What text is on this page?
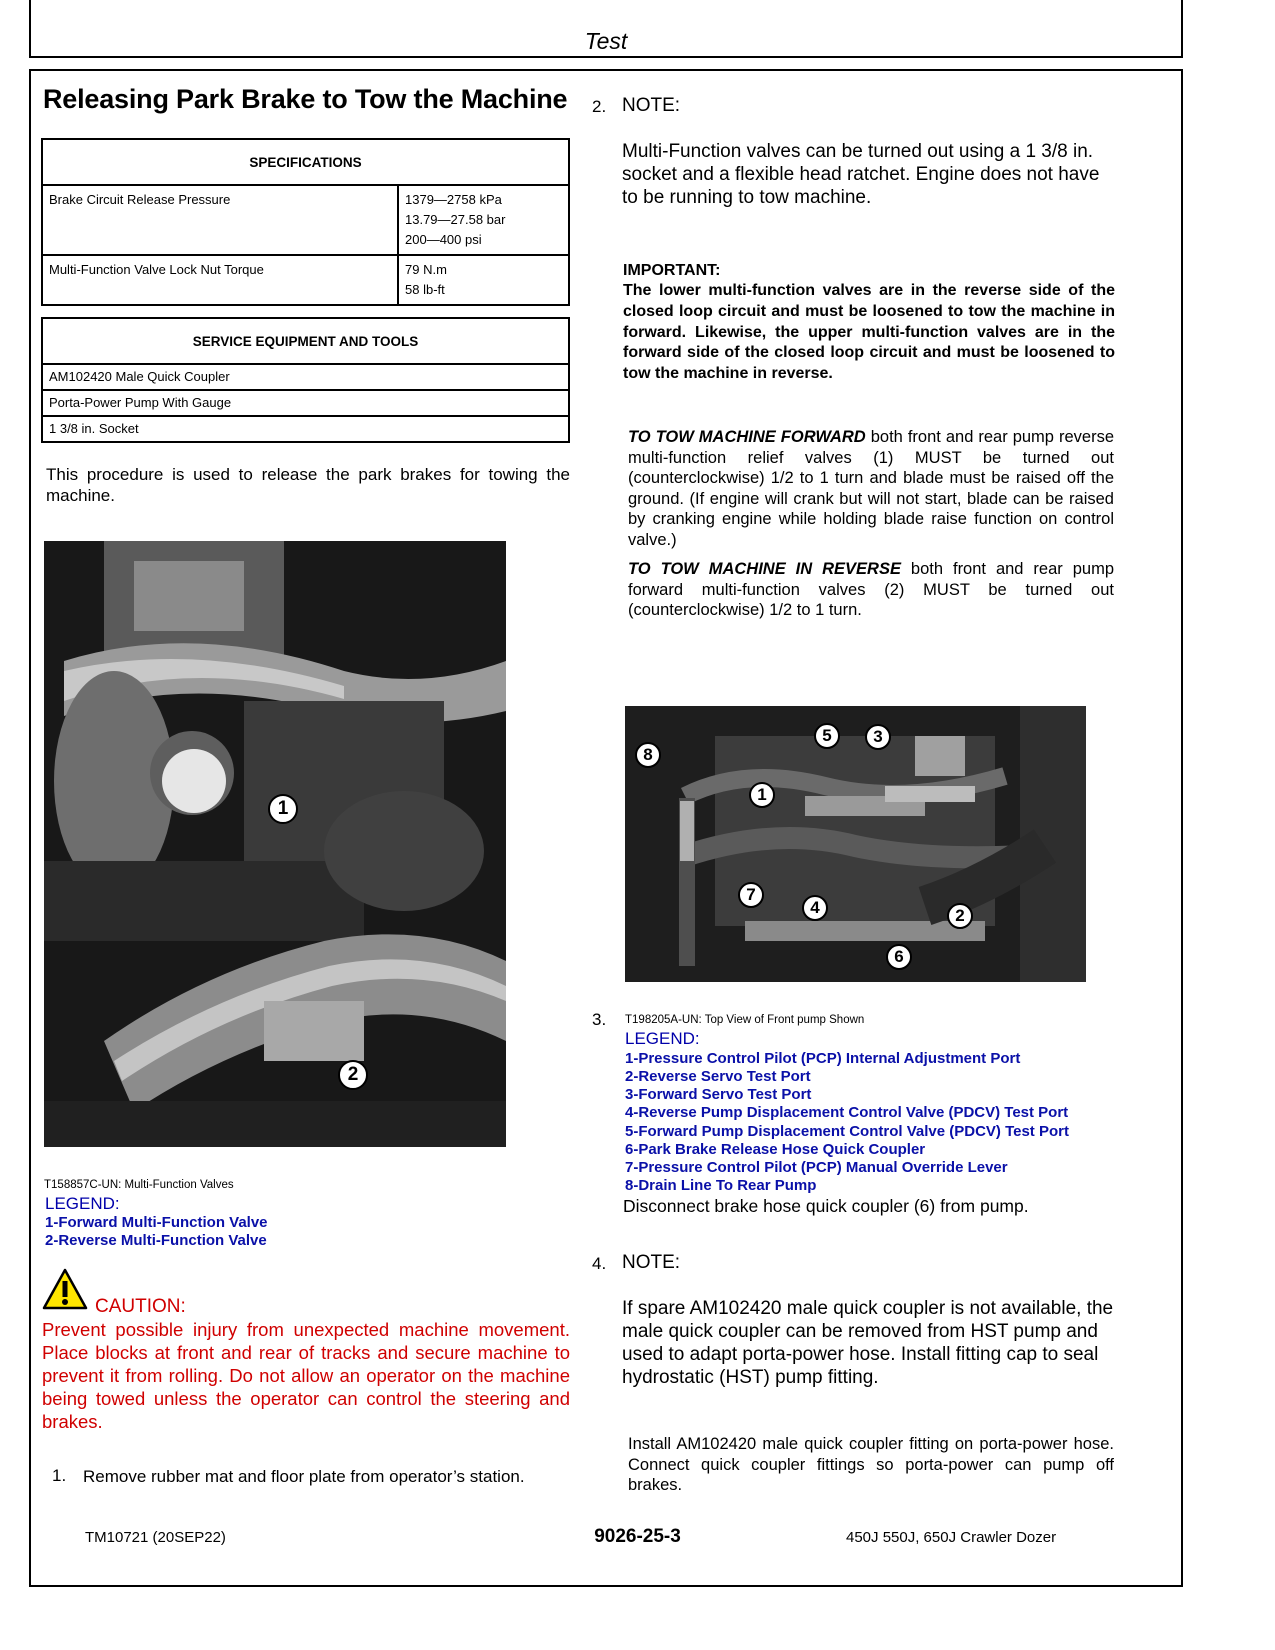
Test
Releasing Park Brake to Tow the Machine
SPECIFICATIONS	
Brake Circuit Release Pressure	1379—2758 kPa
13.79—27.58 bar
200—400 psi

Multi-Function Valve Lock Nut Torque	79 N.m
58 lb-ft
SERVICE EQUIPMENT AND TOOLS
AM102420 Male Quick Coupler
Porta-Power Pump With Gauge
1 3/8 in. Socket
This procedure is used to release the park brakes for towing the machine.
1
2
T158857C-UN: Multi-Function Valves
LEGEND:
1-Forward Multi-Function Valve
2-Reverse Multi-Function Valve
CAUTION:
Prevent possible injury from unexpected machine movement. Place blocks at front and rear of tracks and secure machine to prevent it from rolling. Do not allow an operator on the machine being towed unless the operator can control the steering and brakes.
1. Remove rubber mat and floor plate from operator’s station.
2. NOTE:
Multi-Function valves can be turned out using a 1 3/8 in. socket and a flexible head ratchet. Engine does not have to be running to tow machine.
IMPORTANT:
The lower multi-function valves are in the reverse side of the closed loop circuit and must be loosened to tow the machine in forward. Likewise, the upper multi-function valves are in the forward side of the closed loop circuit and must be loosened to tow the machine in reverse.
TO TOW MACHINE FORWARD both front and rear pump reverse multi-function relief valves (1) MUST be turned out (counterclockwise) 1/2 to 1 turn and blade must be raised off the ground. (If engine will crank but will not start, blade can be raised by cranking engine while holding blade raise function on control valve.)
TO TOW MACHINE IN REVERSE both front and rear pump forward multi-function valves (2) MUST be turned out (counterclockwise) 1/2 to 1 turn.
8
5	3
1
7
4	2
6
3. T198205A-UN: Top View of Front pump Shown
LEGEND:
1-Pressure Control Pilot (PCP) Internal Adjustment Port
2-Reverse Servo Test Port
3-Forward Servo Test Port
4-Reverse Pump Displacement Control Valve (PDCV) Test Port
5-Forward Pump Displacement Control Valve (PDCV) Test Port
6-Park Brake Release Hose Quick Coupler
7-Pressure Control Pilot (PCP) Manual Override Lever
8-Drain Line To Rear Pump
Disconnect brake hose quick coupler (6) from pump.
4. NOTE:
If spare AM102420 male quick coupler is not available, the male quick coupler can be removed from HST pump and used to adapt porta-power hose. Install fitting cap to seal hydrostatic (HST) pump fitting.
Install AM102420 male quick coupler fitting on porta-power hose. Connect quick coupler fittings so porta-power can pump off brakes.
TM10721 (20SEP22)	9026-25-3	450J 550J, 650J Crawler Dozer
